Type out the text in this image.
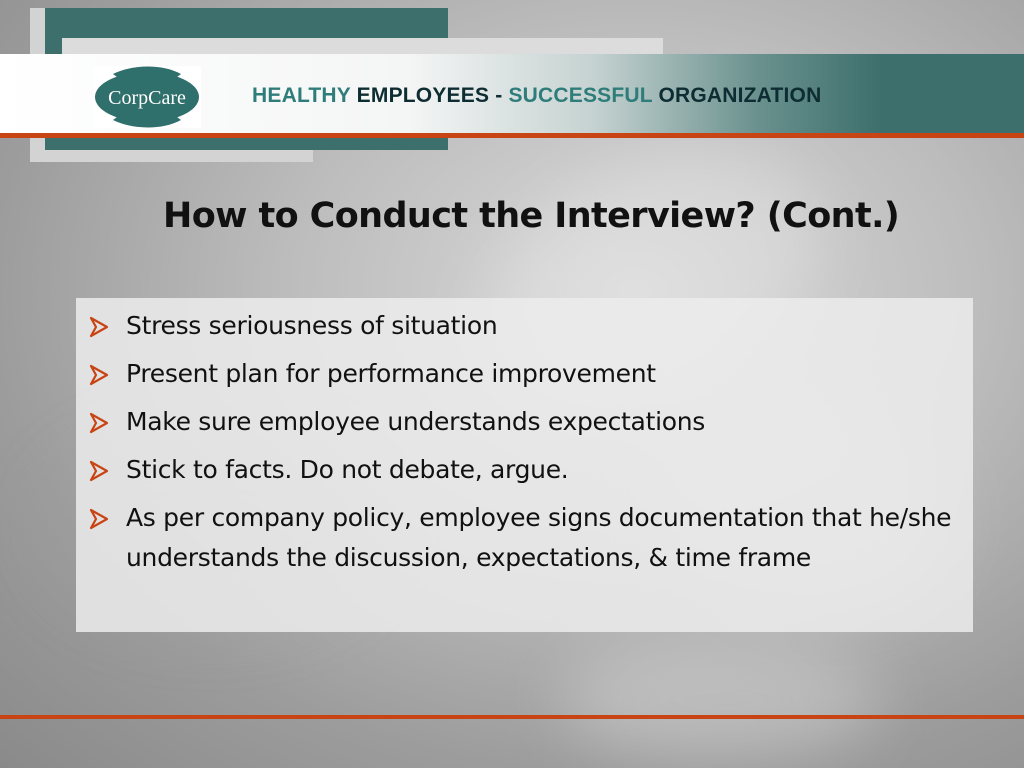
CorpCare	HEALTHY EMPLOYEES - SUCCESSFUL ORGANIZATION
How to Conduct the Interview? (Cont.)
Stress seriousness of situation
Present plan for performance improvement
Make sure employee understands expectations
Stick to facts. Do not debate, argue.
As per company policy, employee signs documentation that he/she understands the discussion, expectations, & time frame
